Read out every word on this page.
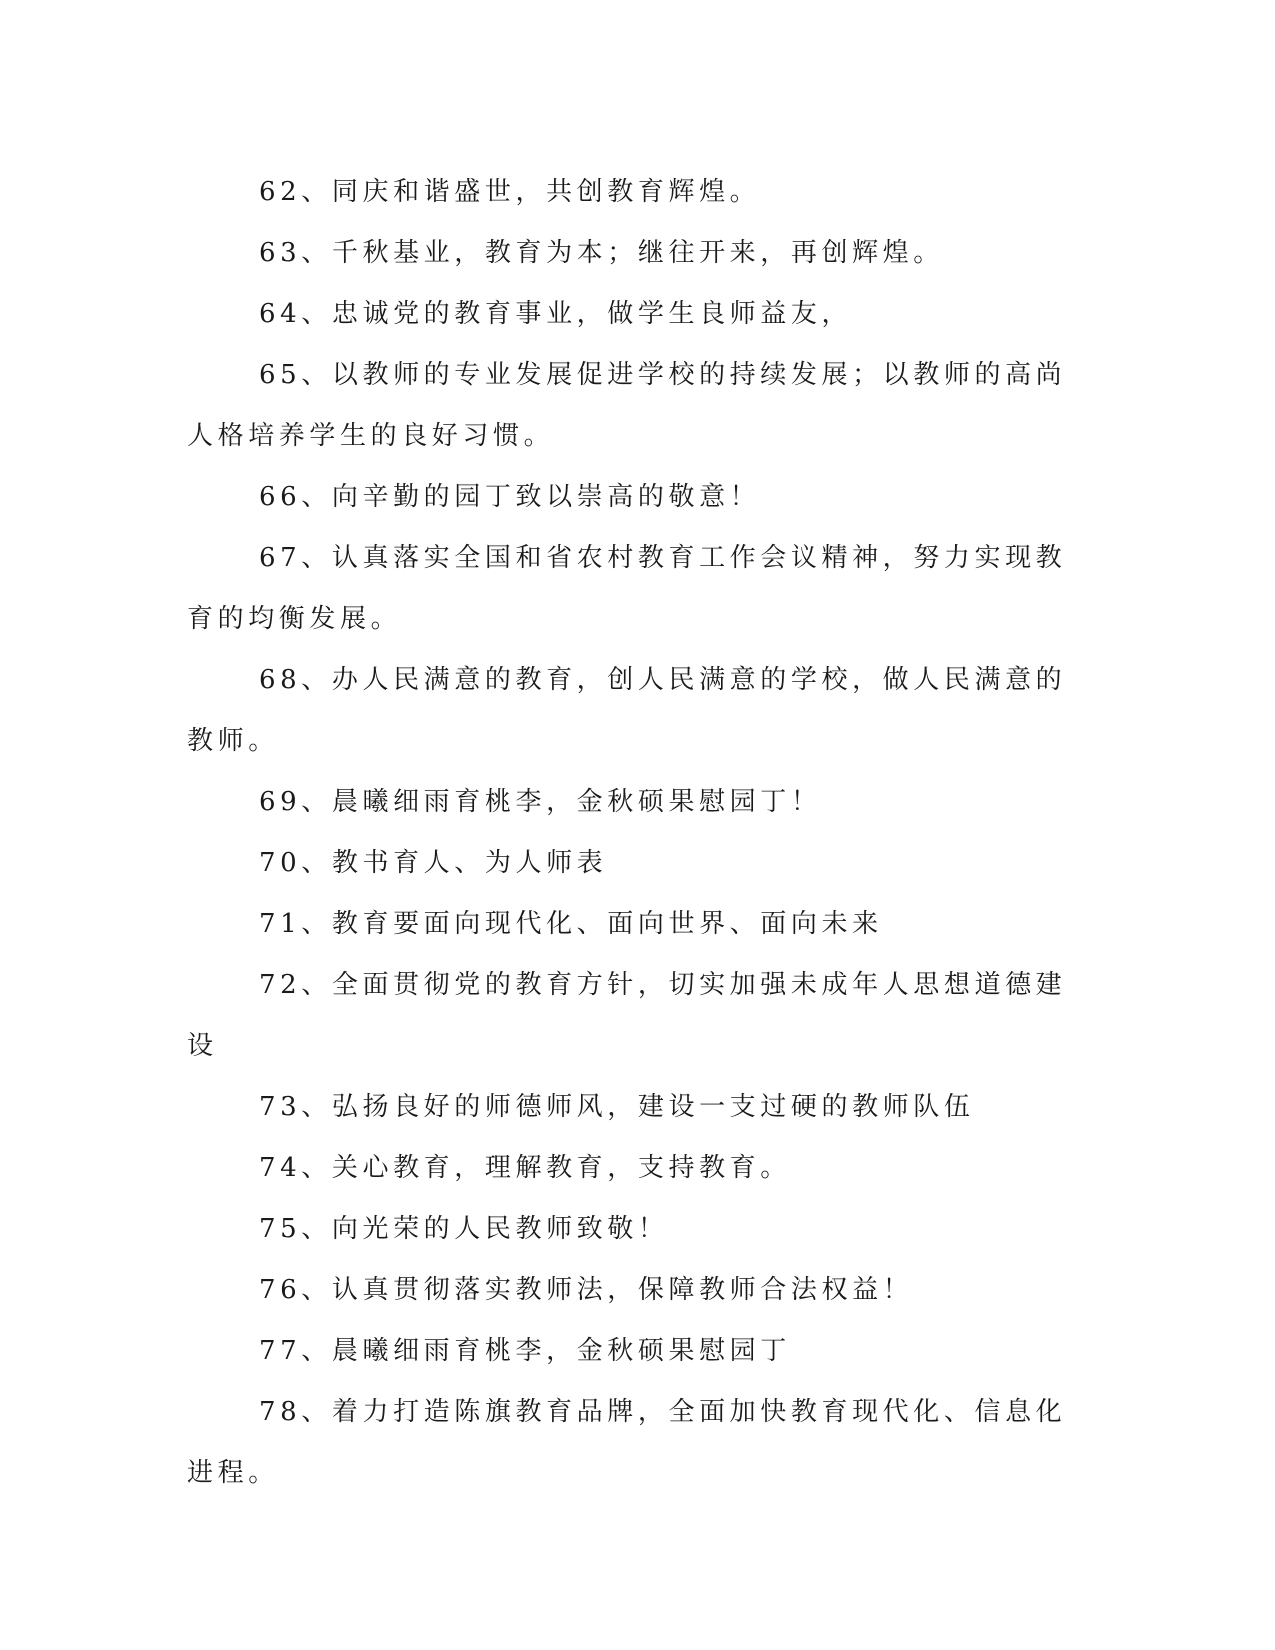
62、同庆和谐盛世，共创教育辉煌。

63、千秋基业，教育为本；继往开来，再创辉煌。

64、忠诚党的教育事业，做学生良师益友，

65、以教师的专业发展促进学校的持续发展；以教师的高尚人格培养学生的良好习惯。

66、向辛勤的园丁致以崇高的敬意！

67、认真落实全国和省农村教育工作会议精神，努力实现教育的均衡发展。

68、办人民满意的教育，创人民满意的学校，做人民满意的教师。

69、晨曦细雨育桃李，金秋硕果慰园丁！

70、教书育人、为人师表

71、教育要面向现代化、面向世界、面向未来

72、全面贯彻党的教育方针，切实加强未成年人思想道德建设

73、弘扬良好的师德师风，建设一支过硬的教师队伍

74、关心教育，理解教育，支持教育。

75、向光荣的人民教师致敬！

76、认真贯彻落实教师法，保障教师合法权益！

77、晨曦细雨育桃李，金秋硕果慰园丁

78、着力打造陈旗教育品牌，全面加快教育现代化、信息化进程。
